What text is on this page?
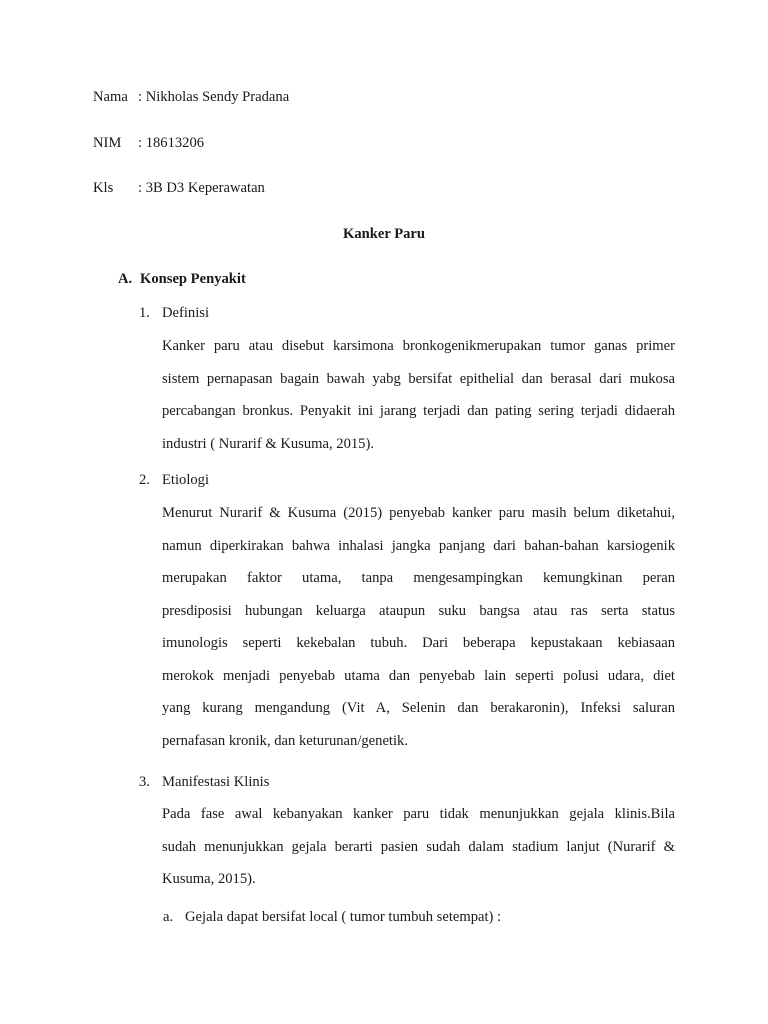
Nama : Nikholas Sendy Pradana
NIM : 18613206
Kls : 3B D3 Keperawatan
Kanker Paru
A. Konsep Penyakit
1. Definisi
Kanker paru atau disebut karsimona bronkogenikmerupakan tumor ganas primer
sistem pernapasan bagain bawah yabg bersifat epithelial dan berasal dari mukosa
percabangan bronkus. Penyakit ini jarang terjadi dan pating sering terjadi didaerah
industri ( Nurarif & Kusuma, 2015).
2. Etiologi
Menurut Nurarif & Kusuma (2015) penyebab kanker paru masih belum diketahui,
namun diperkirakan bahwa inhalasi jangka panjang dari bahan-bahan karsiogenik
merupakan faktor utama, tanpa mengesampingkan kemungkinan peran
presdiposisi hubungan keluarga ataupun suku bangsa atau ras serta status
imunologis seperti kekebalan tubuh. Dari beberapa kepustakaan kebiasaan
merokok menjadi penyebab utama dan penyebab lain seperti polusi udara, diet
yang kurang mengandung (Vit A, Selenin dan berakaronin), Infeksi saluran
pernafasan kronik, dan keturunan/genetik.
3. Manifestasi Klinis
Pada fase awal kebanyakan kanker paru tidak menunjukkan gejala klinis.Bila
sudah menunjukkan gejala berarti pasien sudah dalam stadium lanjut (Nurarif &
Kusuma, 2015).
a. Gejala dapat bersifat local ( tumor tumbuh setempat) :
